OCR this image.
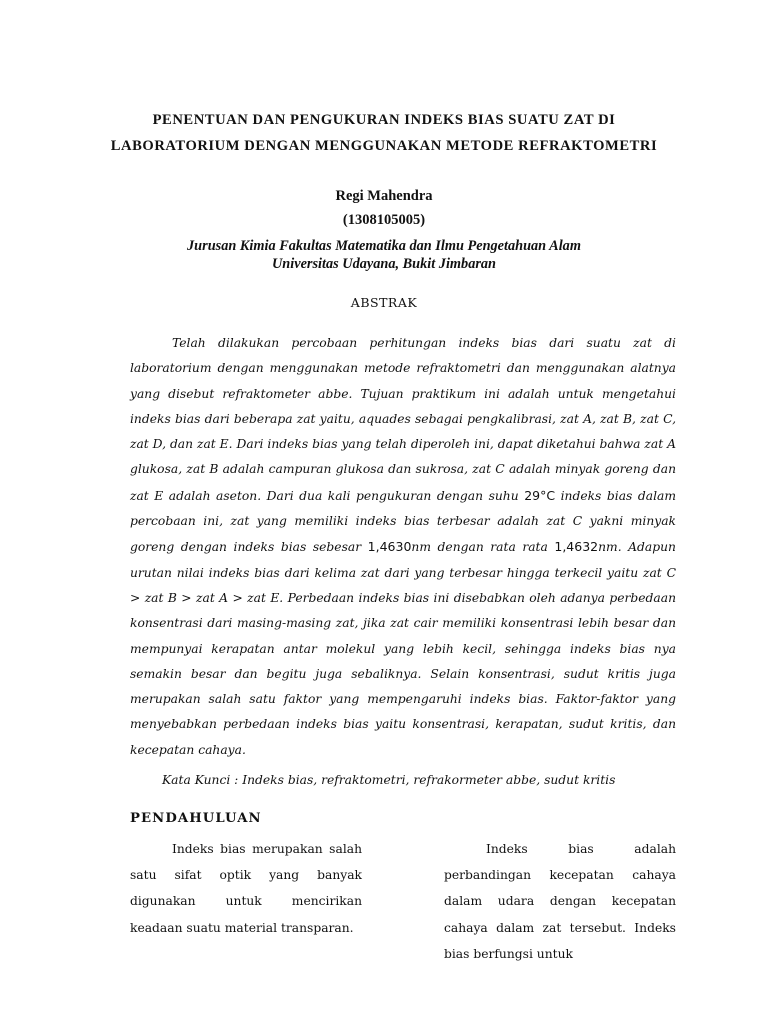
PENENTUAN DAN PENGUKURAN INDEKS BIAS SUATU ZAT DI
LABORATORIUM DENGAN MENGGUNAKAN METODE REFRAKTOMETRI

Regi Mahendra

(1308105005)

Jurusan Kimia Fakultas Matematika dan Ilmu Pengetahuan Alam

Universitas Udayana, Bukit Jimbaran

ABSTRAK

Telah dilakukan percobaan perhitungan indeks bias dari suatu zat di laboratorium dengan menggunakan metode refraktometri dan menggunakan alatnya yang disebut refraktometer abbe. Tujuan praktikum ini adalah untuk mengetahui indeks bias dari beberapa zat yaitu, aquades sebagai pengkalibrasi, zat A, zat B, zat C, zat D, dan zat E. Dari indeks bias yang telah diperoleh ini, dapat diketahui bahwa zat A glukosa, zat B adalah campuran glukosa dan sukrosa, zat C adalah minyak goreng dan zat E adalah aseton. Dari dua kali pengukuran dengan suhu 29°C indeks bias dalam percobaan ini, zat yang memiliki indeks bias terbesar adalah zat C yakni minyak goreng dengan indeks bias sebesar 1,4630nm dengan rata rata 1,4632nm. Adapun urutan nilai indeks bias dari kelima zat dari yang terbesar hingga terkecil yaitu zat C > zat B > zat A > zat E. Perbedaan indeks bias ini disebabkan oleh adanya perbedaan konsentrasi dari masing-masing zat, jika zat cair memiliki konsentrasi lebih besar dan mempunyai kerapatan antar molekul yang lebih kecil, sehingga indeks bias nya semakin besar dan begitu juga sebaliknya. Selain konsentrasi, sudut kritis juga merupakan salah satu faktor yang mempengaruhi indeks bias. Faktor-faktor yang menyebabkan perbedaan indeks bias yaitu konsentrasi, kerapatan, sudut kritis, dan kecepatan cahaya.

Kata Kunci : Indeks bias, refraktometri, refrakormeter abbe, sudut kritis

PENDAHULUAN

Indeks bias merupakan salah satu sifat optik yang banyak digunakan untuk mencirikan keadaan suatu material transparan.

Indeks bias adalah perbandingan kecepatan cahaya dalam udara dengan kecepatan cahaya dalam zat tersebut. Indeks bias berfungsi untuk
